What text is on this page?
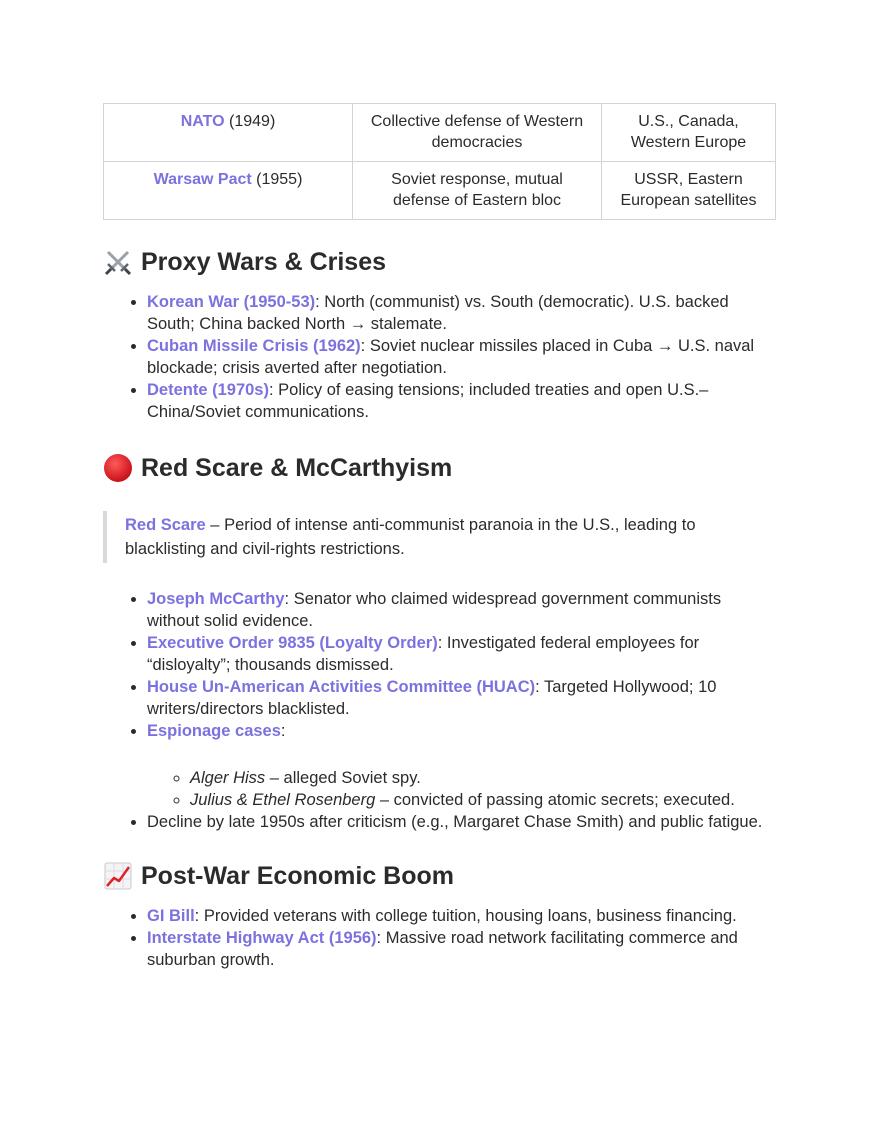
NATO (1949)	Collective defense of Western democracies	U.S., Canada, Western Europe
Warsaw Pact (1955)	Soviet response, mutual defense of Eastern bloc	USSR, Eastern European satellites
Proxy Wars & Crises
• Korean War (1950-53): North (communist) vs. South (democratic). U.S. backed South; China backed North → stalemate.
• Cuban Missile Crisis (1962): Soviet nuclear missiles placed in Cuba → U.S. naval blockade; crisis averted after negotiation.
• Detente (1970s): Policy of easing tensions; included treaties and open U.S.–China/Soviet communications.
Red Scare & McCarthyism
Red Scare – Period of intense anti-communist paranoia in the U.S., leading to blacklisting and civil-rights restrictions.
• Joseph McCarthy: Senator who claimed widespread government communists without solid evidence.
• Executive Order 9835 (Loyalty Order): Investigated federal employees for “disloyalty”; thousands dismissed.
• House Un-American Activities Committee (HUAC): Targeted Hollywood; 10 writers/directors blacklisted.
• Espionage cases:
◦ Alger Hiss – alleged Soviet spy.
◦ Julius & Ethel Rosenberg – convicted of passing atomic secrets; executed.
• Decline by late 1950s after criticism (e.g., Margaret Chase Smith) and public fatigue.
Post-War Economic Boom
• GI Bill: Provided veterans with college tuition, housing loans, business financing.
• Interstate Highway Act (1956): Massive road network facilitating commerce and suburban growth.
